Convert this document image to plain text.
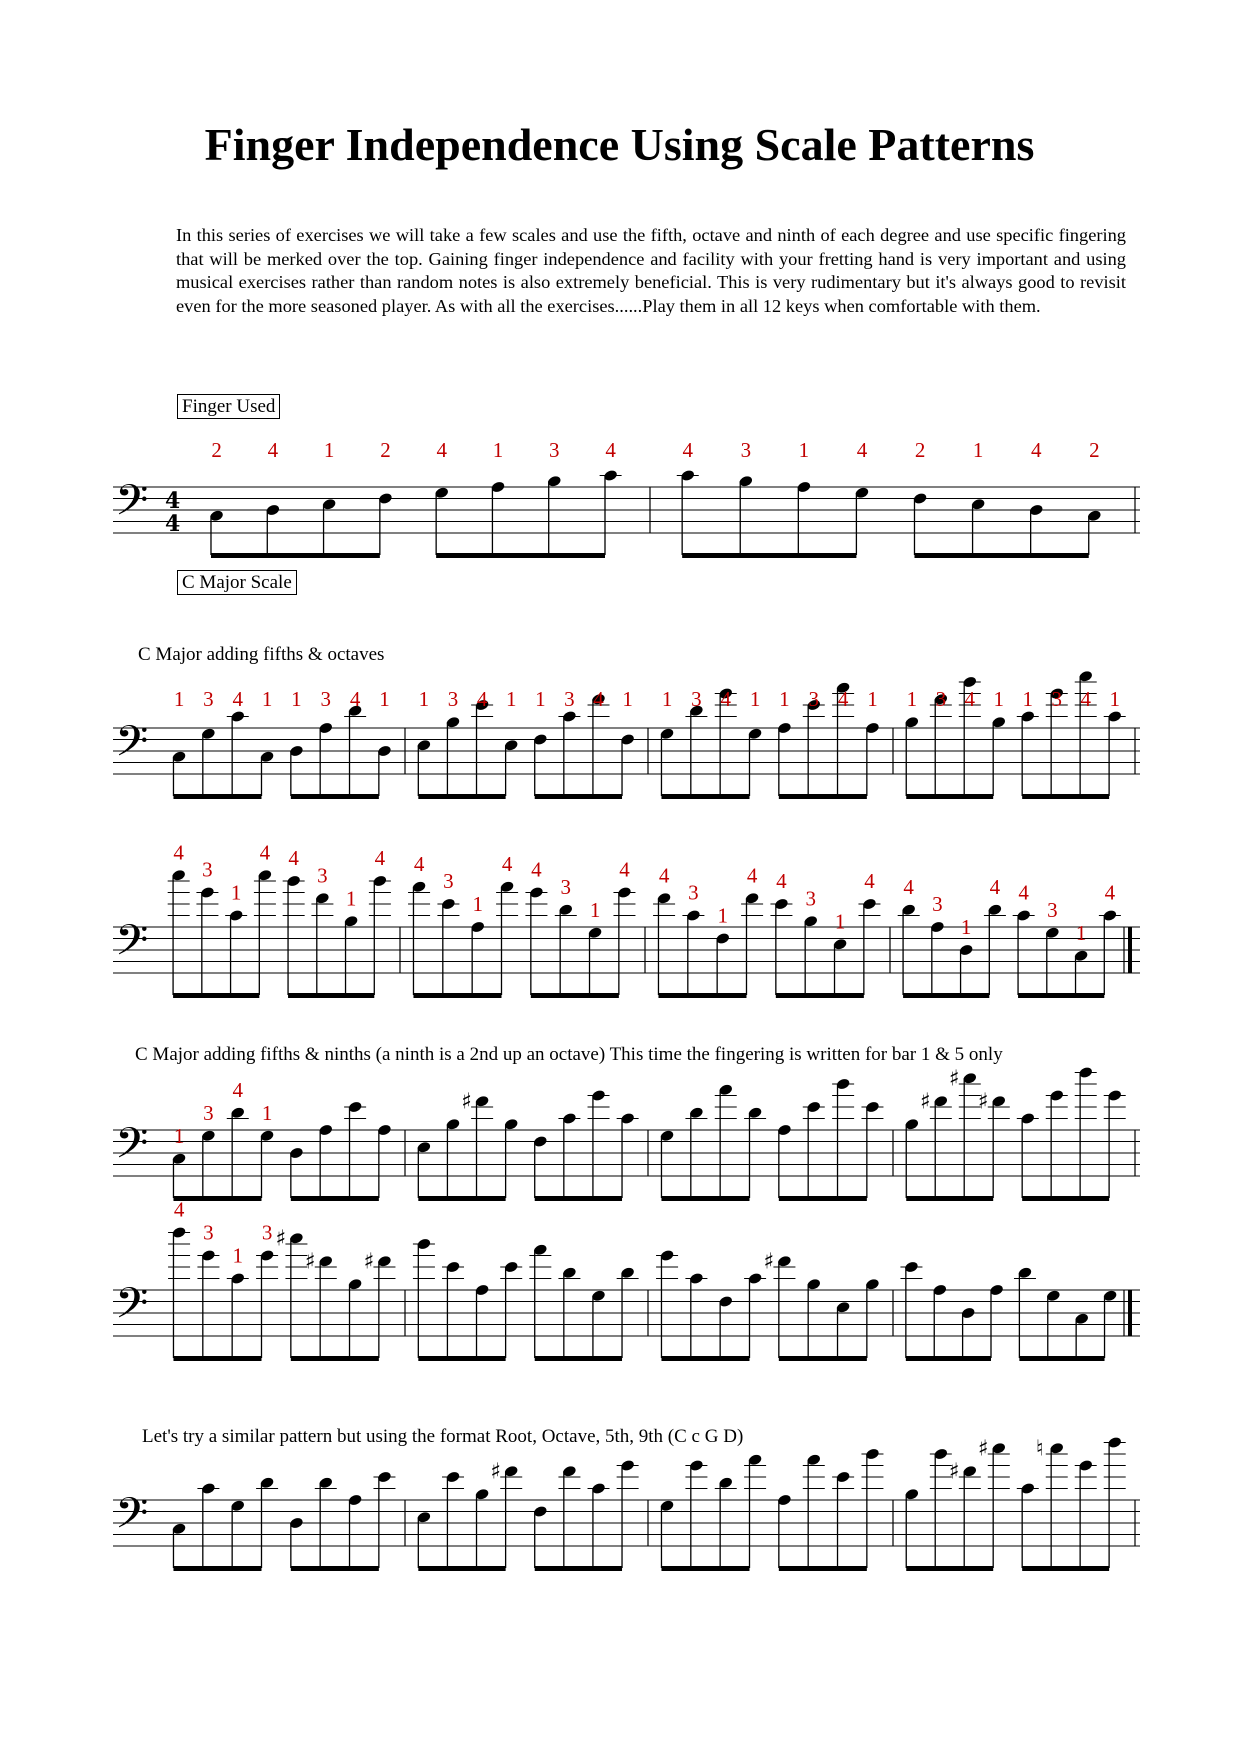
Finger Independence Using Scale Patterns

In this series of exercises we will take a few scales and use the fifth, octave and ninth of each degree and use specific fingering that will be merked over the top. Gaining finger independence and facility with your fretting hand is very important and using musical exercises rather than random notes is also extremely beneficial. This is very rudimentary but it's always good to revisit even for the more seasoned player. As with all the exercises......Play them in all 12 keys when comfortable with them.

Finger Used
C Major Scale
C Major adding fifths & octaves
C Major adding fifths & ninths (a ninth is a 2nd up an octave) This time the fingering is written for bar 1 & 5 only
Let's try a similar pattern but using the format Root, Octave, 5th, 9th (C c G D)
𝄢 4
4
2 4 1 2 4 1 3 4	4 3 1 4 2 1 4 2
𝄢
1 3 4 1 1 3 4 1 1 3 4 1 1 3 4 1 1 3 4 1 1 3 4 1 1 3 4 1 1 3 4 1
𝄢
4
3
1
4 4
3
1
4 4
3
1
4 4
3
1
4 4
3
1
4 4
3
1
4 4
3
1
4 4
3
1
4
𝄢 1
3
4
1	♯	♯
♯
♯
𝄢
4
3
1
3 ♯
♯ ♯	♯
𝄢
♯	♯
♯ ♮
